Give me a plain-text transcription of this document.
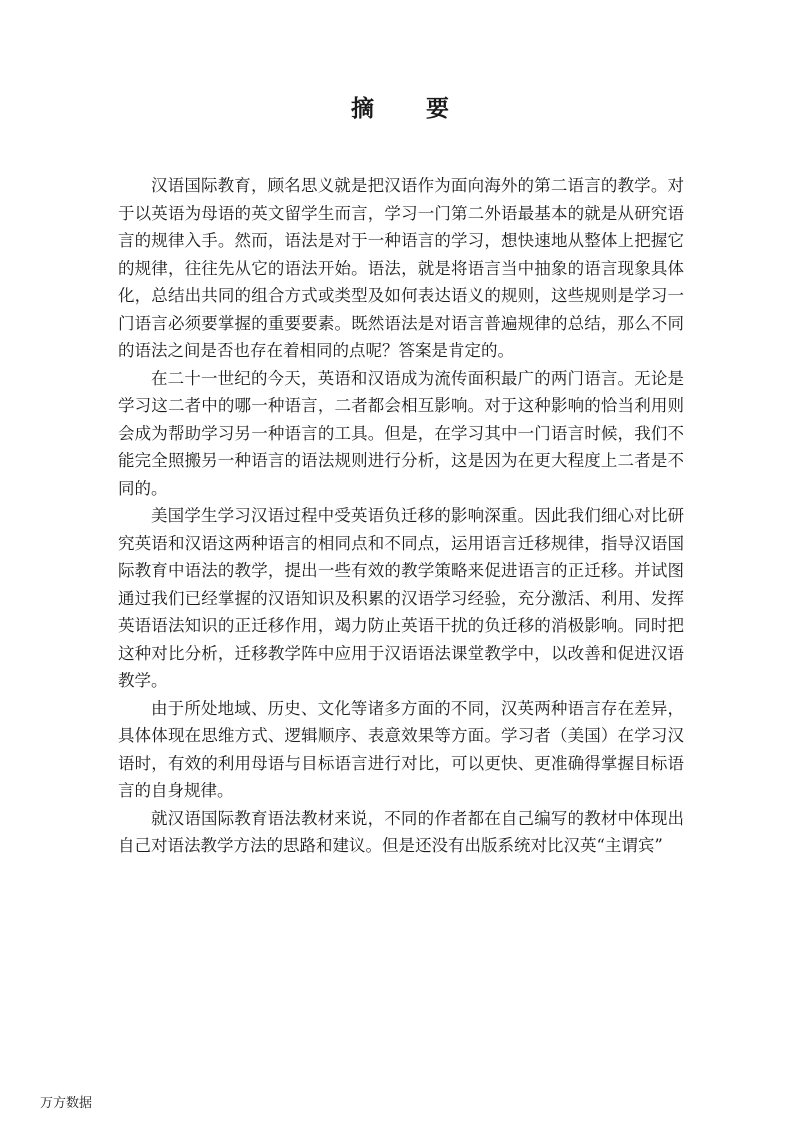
摘 要

汉语国际教育，顾名思义就是把汉语作为面向海外的第二语言的教学。对于以英语为母语的英文留学生而言，学习一门第二外语最基本的就是从研究语言的规律入手。然而，语法是对于一种语言的学习，想快速地从整体上把握它的规律，往往先从它的语法开始。语法，就是将语言当中抽象的语言现象具体化，总结出共同的组合方式或类型及如何表达语义的规则，这些规则是学习一门语言必须要掌握的重要要素。既然语法是对语言普遍规律的总结，那么不同的语法之间是否也存在着相同的点呢？答案是肯定的。

在二十一世纪的今天，英语和汉语成为流传面积最广的两门语言。无论是学习这二者中的哪一种语言，二者都会相互影响。对于这种影响的恰当利用则会成为帮助学习另一种语言的工具。但是，在学习其中一门语言时候，我们不能完全照搬另一种语言的语法规则进行分析，这是因为在更大程度上二者是不同的。

美国学生学习汉语过程中受英语负迁移的影响深重。因此我们细心对比研究英语和汉语这两种语言的相同点和不同点，运用语言迁移规律，指导汉语国际教育中语法的教学，提出一些有效的教学策略来促进语言的正迁移。并试图通过我们已经掌握的汉语知识及积累的汉语学习经验，充分激活、利用、发挥英语语法知识的正迁移作用，竭力防止英语干扰的负迁移的消极影响。同时把这种对比分析，迁移教学阵中应用于汉语语法课堂教学中，以改善和促进汉语教学。

由于所处地域、历史、文化等诸多方面的不同，汉英两种语言存在差异，具体体现在思维方式、逻辑顺序、表意效果等方面。学习者（美国）在学习汉语时，有效的利用母语与目标语言进行对比，可以更快、更准确得掌握目标语言的自身规律。

就汉语国际教育语法教材来说，不同的作者都在自己编写的教材中体现出自己对语法教学方法的思路和建议。但是还没有出版系统对比汉英“主谓宾”

万方数据
